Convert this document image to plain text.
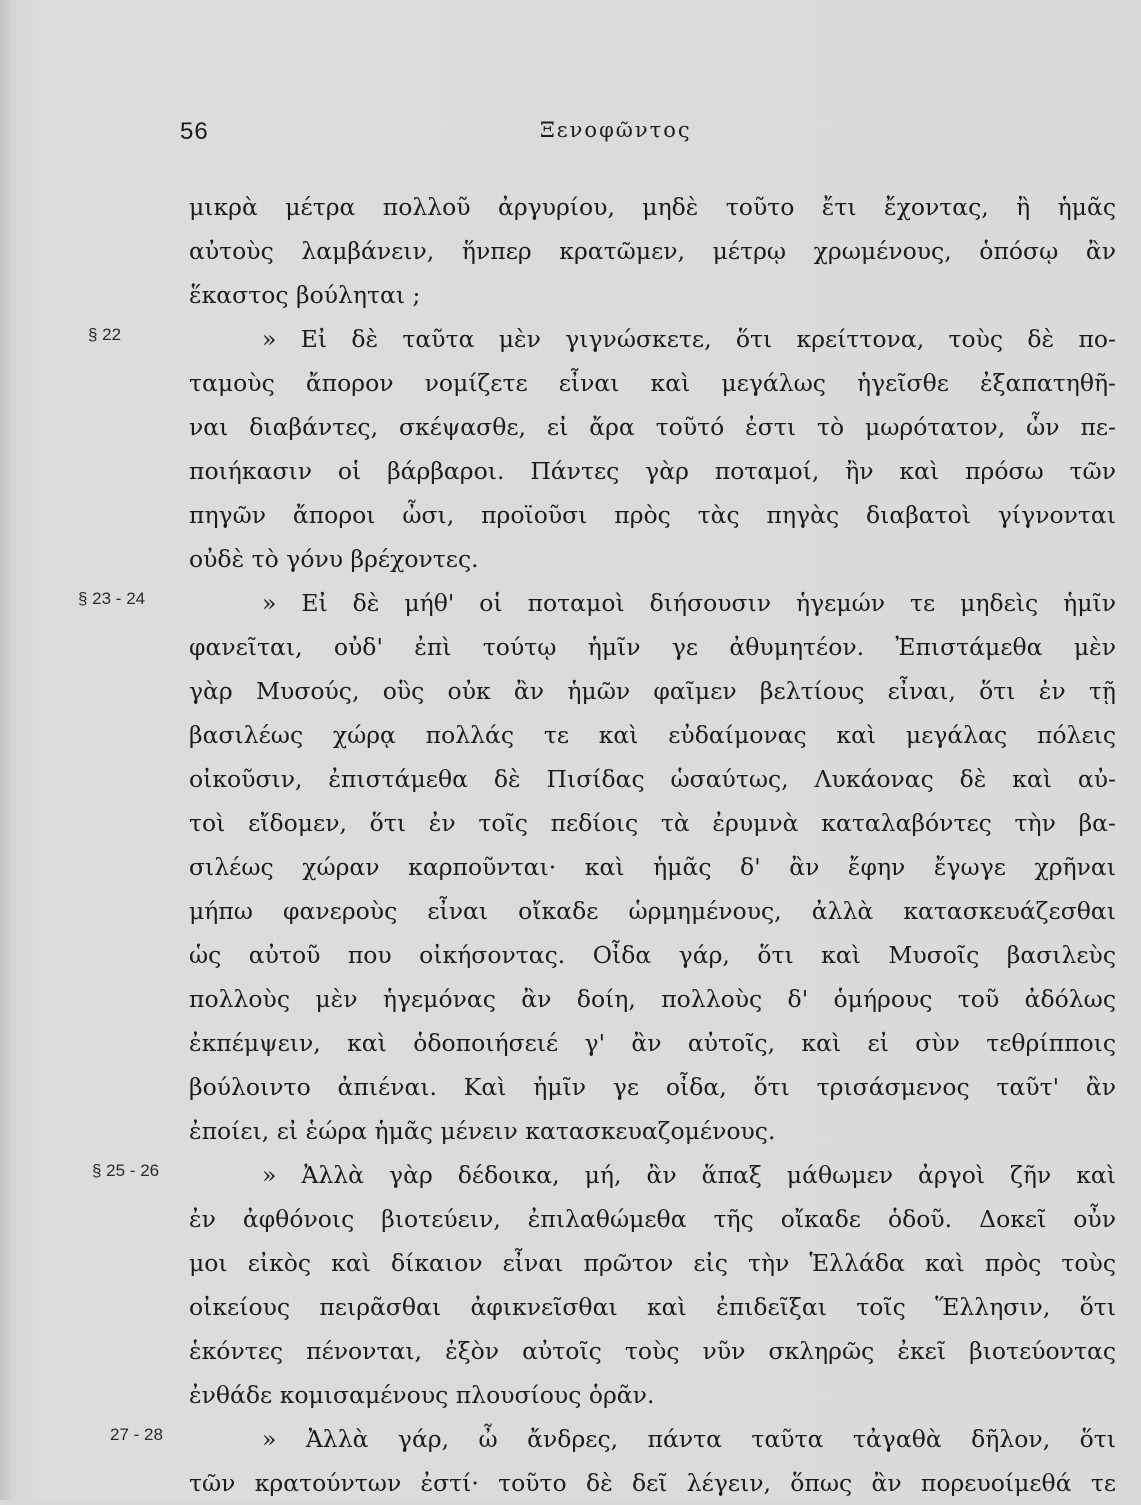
56	Ξενοφῶντος
§ 22
§ 23 - 24
§ 25 - 26
27 - 28
μικρὰ μέτρα πολλοῦ ἀργυρίου, μηδὲ τοῦτο ἔτι ἔχοντας, ἢ ἡμᾶς
αὐτοὺς λαμβάνειν, ἥνπερ κρατῶμεν, μέτρῳ χρωμένους, ὁπόσῳ ἂν
ἕκαστος βούληται ;
» Εἰ δὲ ταῦτα μὲν γιγνώσκετε, ὅτι κρείττονα, τοὺς δὲ πο-
ταμοὺς ἄπορον νομίζετε εἶναι καὶ μεγάλως ἡγεῖσθε ἐξαπατηθῆ-
ναι διαβάντες, σκέψασθε, εἰ ἄρα τοῦτό ἐστι τὸ μωρότατον, ὧν πε-
ποιήκασιν οἱ βάρβαροι. Πάντες γὰρ ποταμοί, ἢν καὶ πρόσω τῶν
πηγῶν ἄποροι ὦσι, προϊοῦσι πρὸς τὰς πηγὰς διαβατοὶ γίγνονται
οὐδὲ τὸ γόνυ βρέχοντες.
» Εἰ δὲ μήθ' οἱ ποταμοὶ διήσουσιν ἡγεμών τε μηδεὶς ἡμῖν
φανεῖται, οὐδ' ἐπὶ τούτῳ ἡμῖν γε ἀθυμητέον. Ἐπιστάμεθα μὲν
γὰρ Μυσούς, οὓς οὐκ ἂν ἡμῶν φαῖμεν βελτίους εἶναι, ὅτι ἐν τῇ
βασιλέως χώρᾳ πολλάς τε καὶ εὐδαίμονας καὶ μεγάλας πόλεις
οἰκοῦσιν, ἐπιστάμεθα δὲ Πισίδας ὡσαύτως, Λυκάονας δὲ καὶ αὐ-
τοὶ εἴδομεν, ὅτι ἐν τοῖς πεδίοις τὰ ἐρυμνὰ καταλαβόντες τὴν βα-
σιλέως χώραν καρποῦνται· καὶ ἡμᾶς δ' ἂν ἔφην ἔγωγε χρῆναι
μήπω φανεροὺς εἶναι οἴκαδε ὡρμημένους, ἀλλὰ κατασκευάζεσθαι
ὡς αὐτοῦ που οἰκήσοντας. Οἶδα γάρ, ὅτι καὶ Μυσοῖς βασιλεὺς
πολλοὺς μὲν ἡγεμόνας ἂν δοίη, πολλοὺς δ' ὁμήρους τοῦ ἀδόλως
ἐκπέμψειν, καὶ ὁδοποιήσειέ γ' ἂν αὐτοῖς, καὶ εἰ σὺν τεθρίπποις
βούλοιντο ἀπιέναι. Καὶ ἡμῖν γε οἶδα, ὅτι τρισάσμενος ταῦτ' ἂν
ἐποίει, εἰ ἑώρα ἡμᾶς μένειν κατασκευαζομένους.
» Ἀλλὰ γὰρ δέδοικα, μή, ἂν ἅπαξ μάθωμεν ἀργοὶ ζῆν καὶ
ἐν ἀφθόνοις βιοτεύειν, ἐπιλαθώμεθα τῆς οἴκαδε ὁδοῦ. Δοκεῖ οὖν
μοι εἰκὸς καὶ δίκαιον εἶναι πρῶτον εἰς τὴν Ἑλλάδα καὶ πρὸς τοὺς
οἰκείους πειρᾶσθαι ἀφικνεῖσθαι καὶ ἐπιδεῖξαι τοῖς Ἕλλησιν, ὅτι
ἑκόντες πένονται, ἐξὸν αὐτοῖς τοὺς νῦν σκληρῶς ἐκεῖ βιοτεύοντας
ἐνθάδε κομισαμένους πλουσίους ὁρᾶν.
» Ἀλλὰ γάρ, ὦ ἄνδρες, πάντα ταῦτα τἀγαθὰ δῆλον, ὅτι
τῶν κρατούντων ἐστί· τοῦτο δὲ δεῖ λέγειν, ὅπως ἂν πορευοίμεθά τε
